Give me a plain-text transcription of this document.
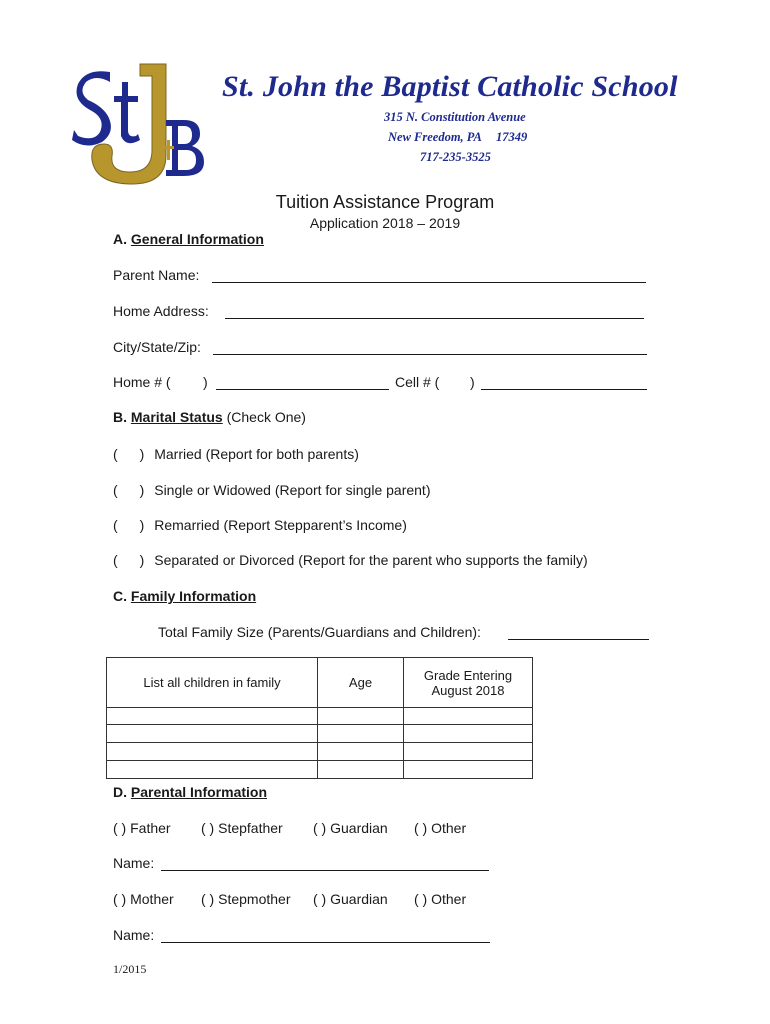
St. John the Baptist Catholic School
315 N. Constitution Avenue
New Freedom, PA 17349
717-235-3525
Tuition Assistance Program
Application 2018 – 2019
A. General Information
Parent Name:
Home Address:
City/State/Zip:
Home # ( )	Cell # ( )
B. Marital Status (Check One)
( ) Married (Report for both parents)
( ) Single or Widowed (Report for single parent)
( ) Remarried (Report Stepparent’s Income)
( ) Separated or Divorced (Report for the parent who supports the family)
C. Family Information
Total Family Size (Parents/Guardians and Children):
List all children in family	Age	Grade Entering August 2018

D. Parental Information
( ) Father ( ) Stepfather ( ) Guardian ( ) Other
Name:
( ) Mother ( ) Stepmother ( ) Guardian ( ) Other
Name:
1/2015
